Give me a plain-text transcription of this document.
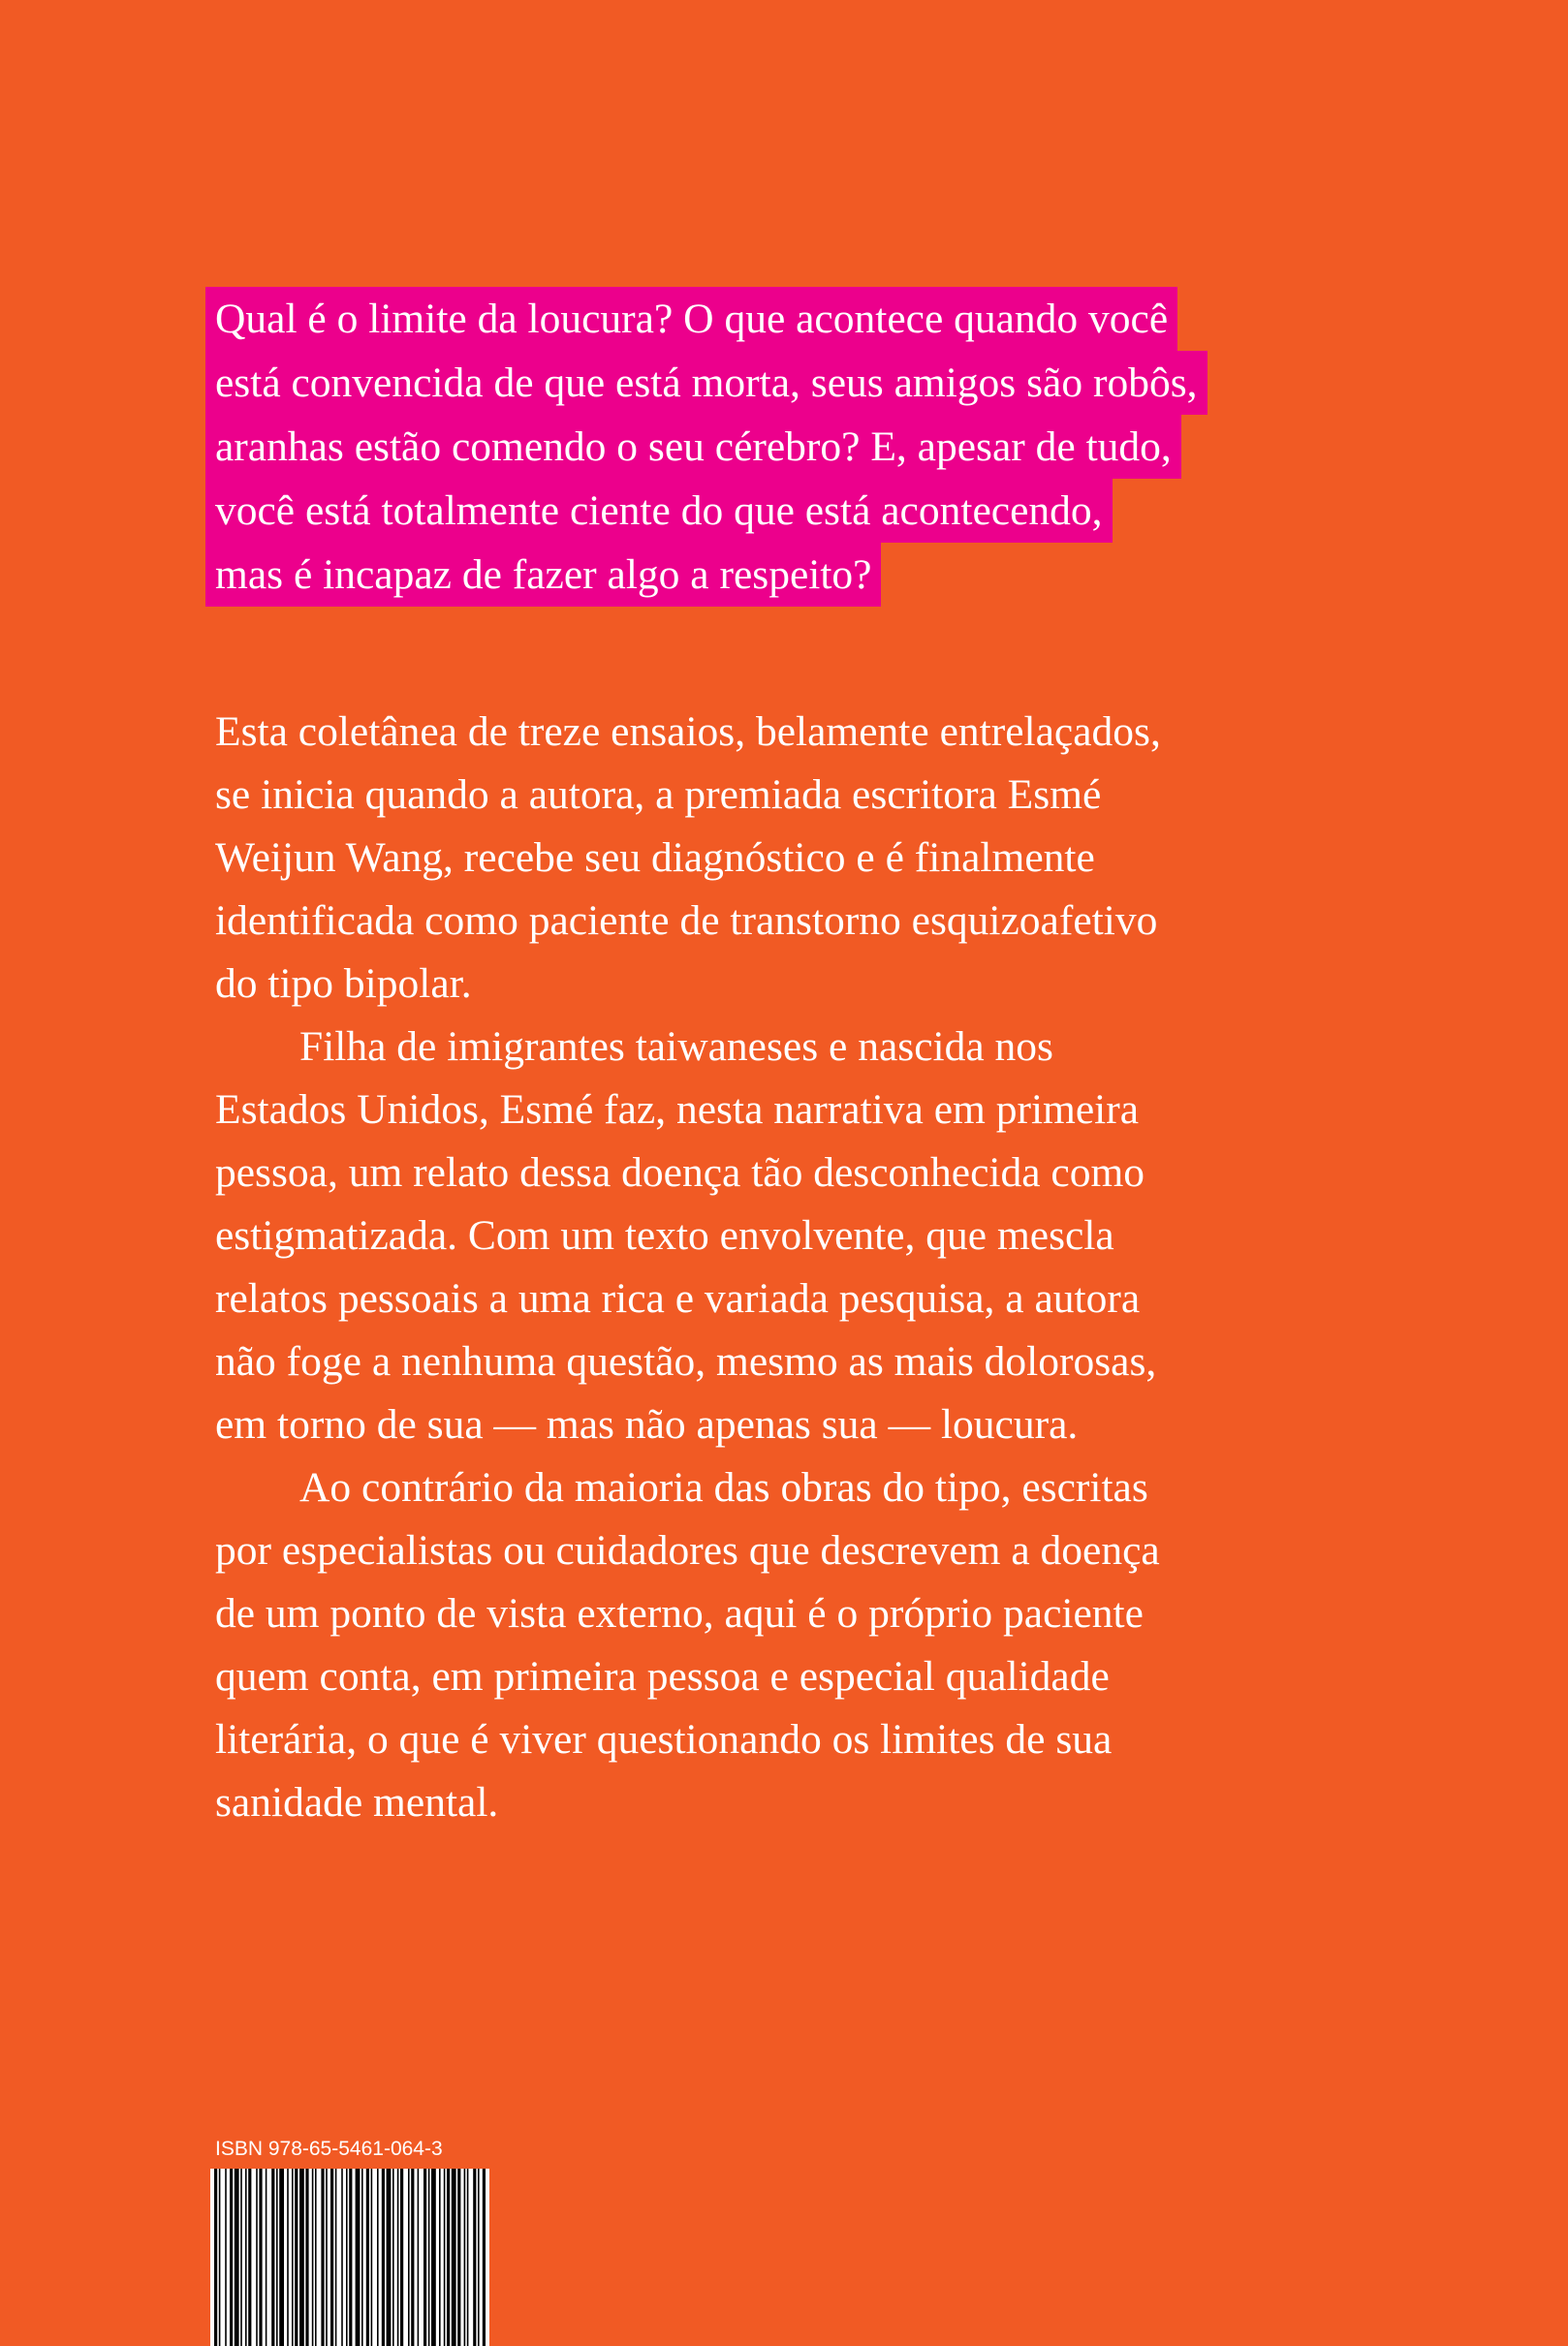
Qual é o limite da loucura? O que acontece quando você
está convencida de que está morta, seus amigos são robôs,
aranhas estão comendo o seu cérebro? E, apesar de tudo,
você está totalmente ciente do que está acontecendo,
mas é incapaz de fazer algo a respeito?
Esta coletânea de treze ensaios, belamente entrelaçados,
se inicia quando a autora, a premiada escritora Esmé
Weijun Wang, recebe seu diagnóstico e é finalmente
identificada como paciente de transtorno esquizoafetivo
do tipo bipolar.
Filha de imigrantes taiwaneses e nascida nos
Estados Unidos, Esmé faz, nesta narrativa em primeira
pessoa, um relato dessa doença tão desconhecida como
estigmatizada. Com um texto envolvente, que mescla
relatos pessoais a uma rica e variada pesquisa, a autora
não foge a nenhuma questão, mesmo as mais dolorosas,
em torno de sua — mas não apenas sua — loucura.
Ao contrário da maioria das obras do tipo, escritas
por especialistas ou cuidadores que descrevem a doença
de um ponto de vista externo, aqui é o próprio paciente
quem conta, em primeira pessoa e especial qualidade
literária, o que é viver questionando os limites de sua
sanidade mental.
ISBN 978-65-5461-064-3
